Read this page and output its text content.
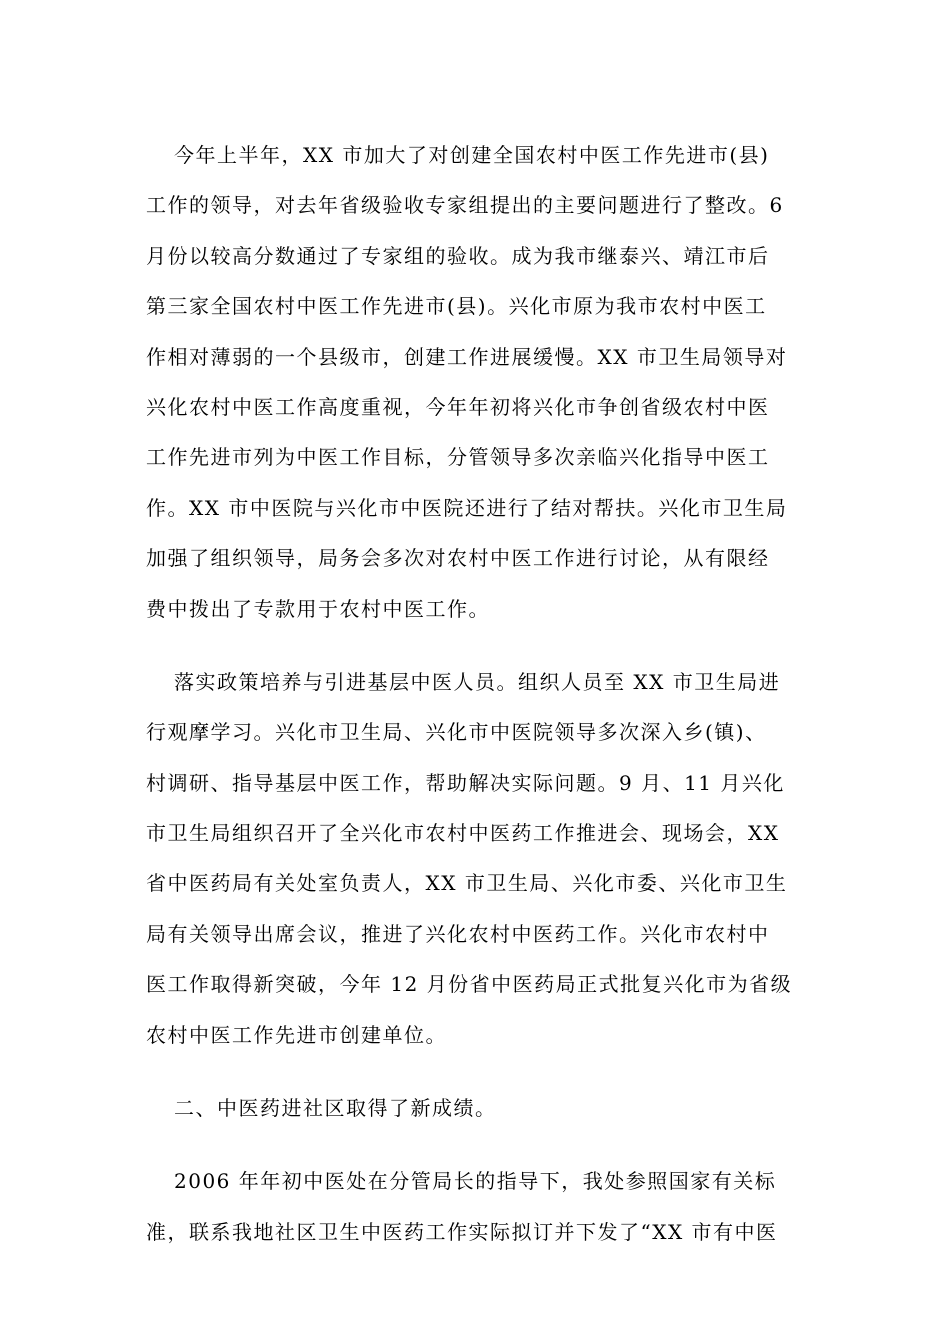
今年上半年，XX 市加大了对创建全国农村中医工作先进市(县)
工作的领导，对去年省级验收专家组提出的主要问题进行了整改。6
月份以较高分数通过了专家组的验收。成为我市继泰兴、靖江市后
第三家全国农村中医工作先进市(县)。兴化市原为我市农村中医工
作相对薄弱的一个县级市，创建工作进展缓慢。XX 市卫生局领导对
兴化农村中医工作高度重视，今年年初将兴化市争创省级农村中医
工作先进市列为中医工作目标，分管领导多次亲临兴化指导中医工
作。XX 市中医院与兴化市中医院还进行了结对帮扶。兴化市卫生局
加强了组织领导，局务会多次对农村中医工作进行讨论，从有限经
费中拨出了专款用于农村中医工作。
落实政策培养与引进基层中医人员。组织人员至 XX 市卫生局进
行观摩学习。兴化市卫生局、兴化市中医院领导多次深入乡(镇)、
村调研、指导基层中医工作，帮助解决实际问题。9 月、11 月兴化
市卫生局组织召开了全兴化市农村中医药工作推进会、现场会，XX
省中医药局有关处室负责人，XX 市卫生局、兴化市委、兴化市卫生
局有关领导出席会议，推进了兴化农村中医药工作。兴化市农村中
医工作取得新突破，今年 12 月份省中医药局正式批复兴化市为省级
农村中医工作先进市创建单位。
二、中医药进社区取得了新成绩。
2006 年年初中医处在分管局长的指导下，我处参照国家有关标
准，联系我地社区卫生中医药工作实际拟订并下发了“XX 市有中医
